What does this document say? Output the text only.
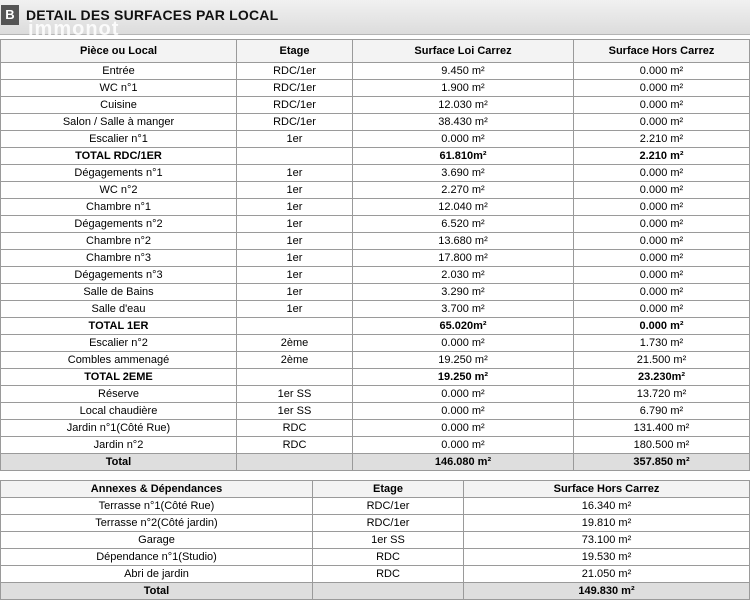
B DETAIL DES SURFACES PAR LOCAL
immonot
Pièce ou Local	Etage	Surface Loi Carrez	Surface Hors Carrez
Entrée	RDC/1er	9.450 m²	0.000 m²
WC n°1	RDC/1er	1.900 m²	0.000 m²
Cuisine	RDC/1er	12.030 m²	0.000 m²
Salon / Salle à manger	RDC/1er	38.430 m²	0.000 m²
Escalier n°1	1er	0.000 m²	2.210 m²
TOTAL RDC/1ER		61.810m²	2.210 m²
Dégagements n°1	1er	3.690 m²	0.000 m²
WC n°2	1er	2.270 m²	0.000 m²
Chambre n°1	1er	12.040 m²	0.000 m²
Dégagements n°2	1er	6.520 m²	0.000 m²
Chambre n°2	1er	13.680 m²	0.000 m²
Chambre n°3	1er	17.800 m²	0.000 m²
Dégagements n°3	1er	2.030 m²	0.000 m²
Salle de Bains	1er	3.290 m²	0.000 m²
Salle d'eau	1er	3.700 m²	0.000 m²
TOTAL 1ER		65.020m²	0.000 m²
Escalier n°2	2ème	0.000 m²	1.730 m²
Combles ammenagé	2ème	19.250 m²	21.500 m²
TOTAL 2EME		19.250 m²	23.230m²
Réserve	1er SS	0.000 m²	13.720 m²
Local chaudière	1er SS	0.000 m²	6.790 m²
Jardin n°1(Côté Rue)	RDC	0.000 m²	131.400 m²
Jardin n°2	RDC	0.000 m²	180.500 m²
Total		146.080 m²	357.850 m²
Annexes & Dépendances	Etage	Surface Hors Carrez
Terrasse n°1(Côté Rue)	RDC/1er	16.340 m²
Terrasse n°2(Côté jardin)	RDC/1er	19.810 m²
Garage	1er SS	73.100 m²
Dépendance n°1(Studio)	RDC	19.530 m²
Abri de jardin	RDC	21.050 m²
Total		149.830 m²
